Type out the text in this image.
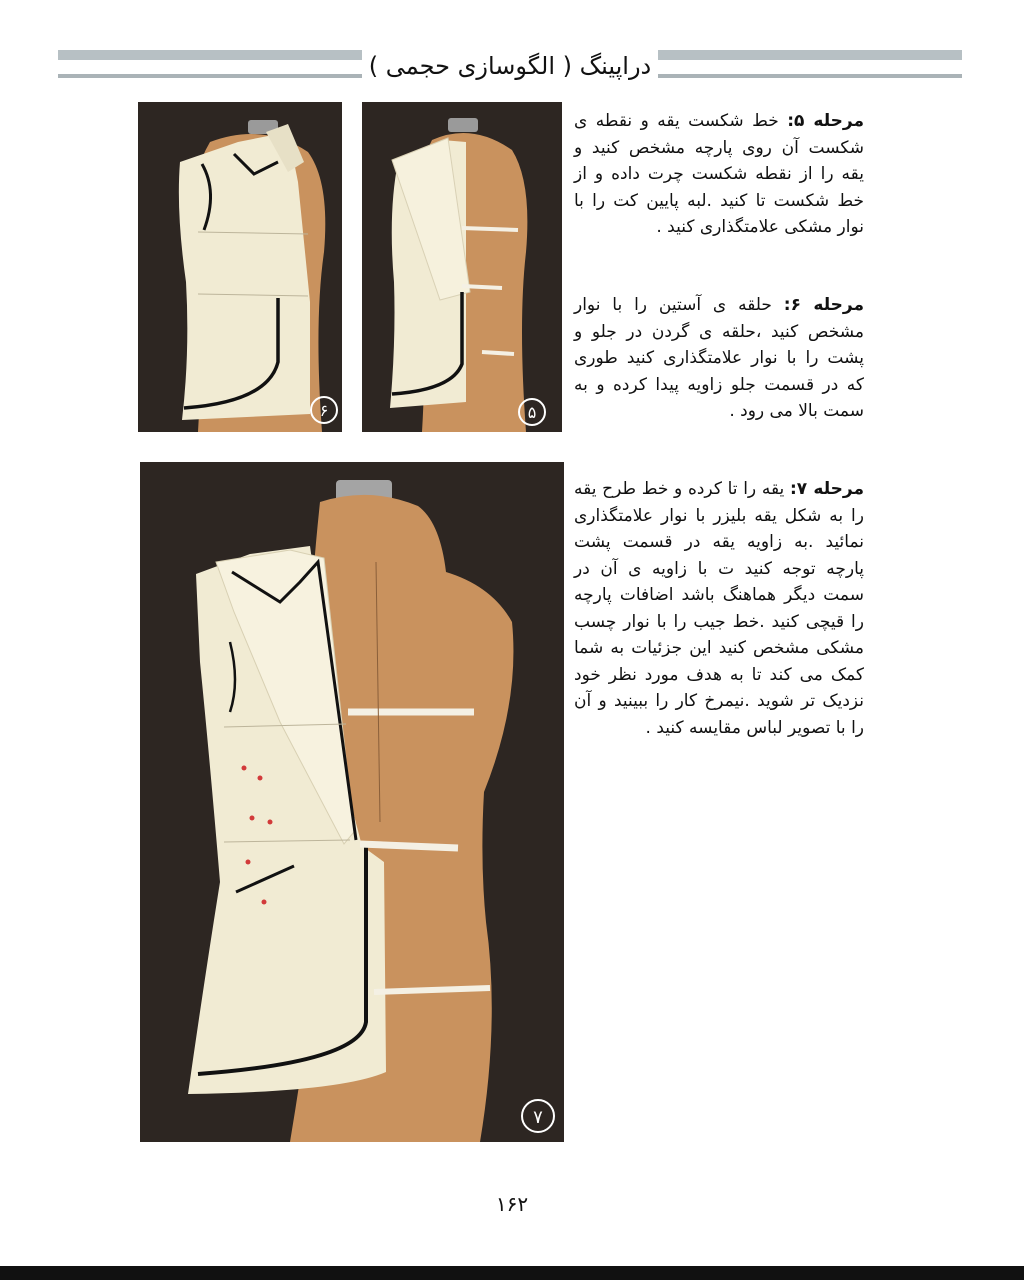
دراپینگ ( الگوسازی حجمی )
۶	۵
۷
مرحله ۵: خط شکست یقه و نقطه ی شکست آن روی پارچه مشخص کنید و یقه را از نقطه شکست چرت داده و از خط شکست تا کنید .لبه پایین کت را با نوار مشکی علامتگذاری کنید .
مرحله ۶: حلقه ی آستین را با نوار مشخص کنید ،حلقه ی گردن در جلو و پشت را با نوار علامتگذاری کنید طوری که در قسمت جلو زاویه پیدا کرده و به سمت بالا می رود .
مرحله ۷: یقه را تا کرده و خط طرح یقه را به شکل یقه بلیزر با نوار علامتگذاری نمائید .به زاویه یقه در قسمت پشت پارچه توجه کنید ت با زاویه ی آن در سمت دیگر هماهنگ باشد اضافات پارچه را قیچی کنید .خط جیب را با نوار چسب مشکی مشخص کنید این جزئیات به شما کمک می کند تا به هدف مورد نظر خود نزدیک تر شوید .نیمرخ کار را ببینید و آن را با تصویر لباس مقایسه کنید .
۱۶۲
